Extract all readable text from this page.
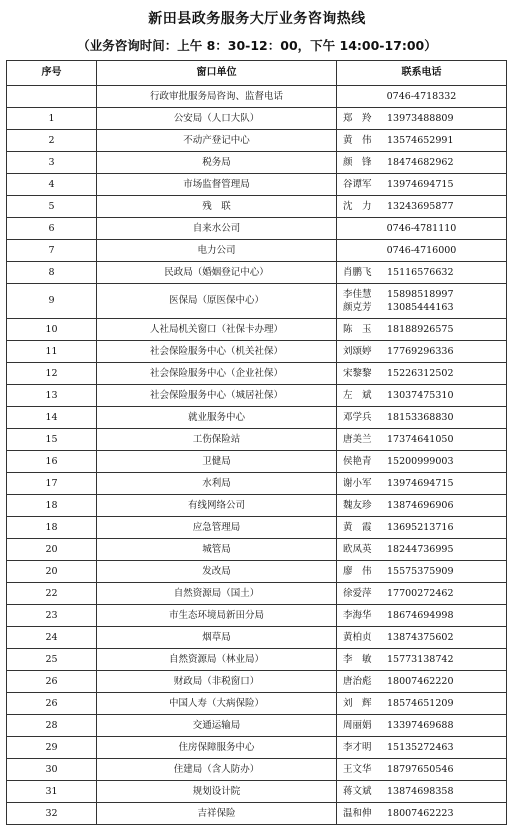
新田县政务服务大厅业务咨询热线
（业务咨询时间：上午 8：30-12：00，下午 14:00-17:00）
序号	窗口单位	联系电话
	行政审批服务局咨询、监督电话	0746-4718332
1	公安局（人口大队）	郑　羚 13973488809

2	不动产登记中心	黄　伟 13574652991

3	税务局	颜　锋 18474682962

4	市场监督管理局	谷谭军 13974694715

5	残　联	沈　力 13243695877

6	自来水公司	0746-4781110

7	电力公司	0746-4716000

8	民政局（婚姻登记中心）	肖鹏飞 15116576632

9	医保局（原医保中心）	李佳慧 15898518997
颜克芳 13085444163

10	人社局机关窗口（社保卡办理）	陈　玉 18188926575

11	社会保险服务中心（机关社保）	刘颂婷 17769296336

12	社会保险服务中心（企业社保）	宋黎黎 15226312502

13	社会保险服务中心（城居社保）	左　斌 13037475310

14	就业服务中心	邓学兵 18153368830

15	工伤保险站	唐美兰 17374641050

16	卫健局	侯艳青 15200999003

17	水利局	谢小军 13974694715

18	有线网络公司	魏友珍 13874696906

18	应急管理局	黄　霞 13695213716

20	城管局	欧凤英 18244736995

20	发改局	廖　伟 15575375909

22	自然资源局（国土）	徐爱萍 17700272462

23	市生态环境局新田分局	李海华 18674694998

24	烟草局	黄柏贞 13874375602

25	自然资源局（林业局）	李　敏 15773138742

26	财政局（非税窗口）	唐治彪 18007462220

26	中国人寿（大病保险）	刘　辉 18574651209

28	交通运输局	周丽娟 13397469688

29	住房保障服务中心	李才明 15135272463

30	住建局（含人防办）	王文华 18797650546

31	规划设计院	蒋文斌 13874698358

32	吉祥保险	温和伸 18007462223
